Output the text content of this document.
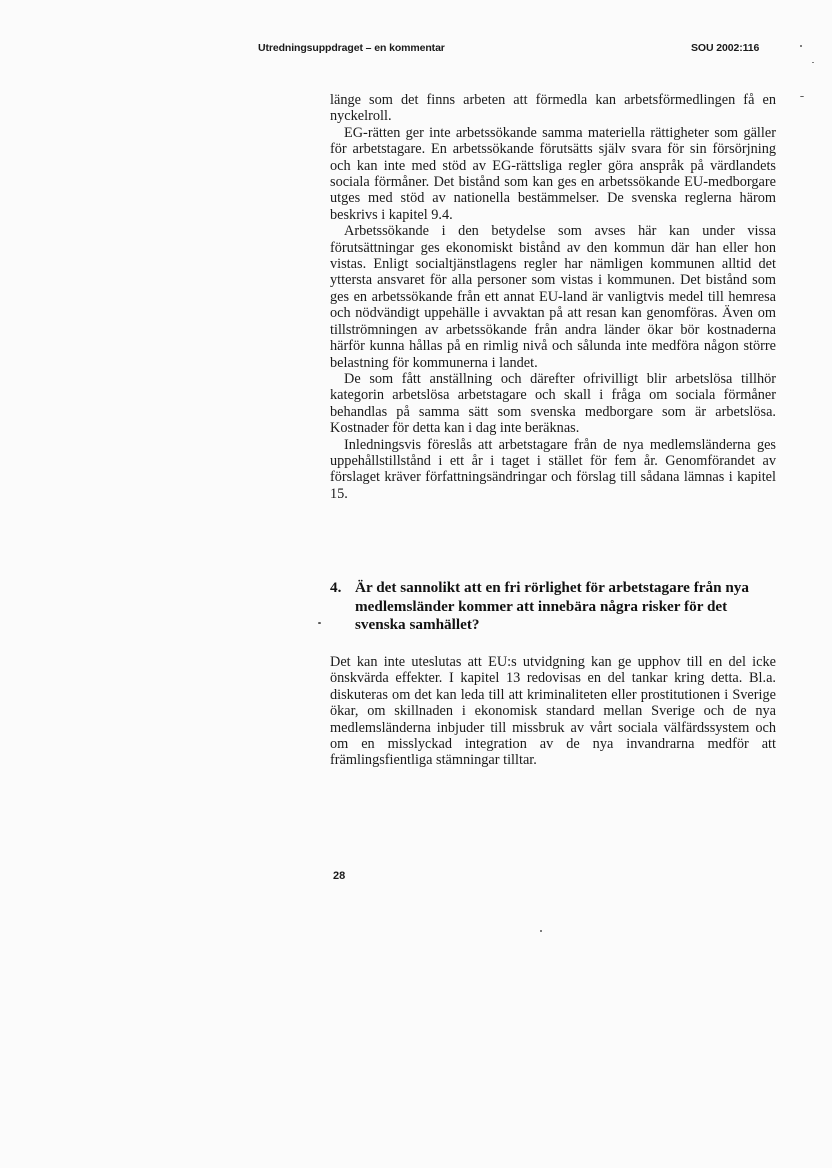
Utredningsuppdraget – en kommentar	SOU 2002:116

länge som det finns arbeten att förmedla kan arbetsförmedlingen få en nyckelroll.

EG-rätten ger inte arbetssökande samma materiella rättigheter som gäller för arbetstagare. En arbetssökande förutsätts själv svara för sin försörjning och kan inte med stöd av EG-rättsliga regler göra anspråk på värdlandets sociala förmåner. Det bistånd som kan ges en arbetssökande EU-medborgare utges med stöd av nationella bestämmelser. De svenska reglerna härom beskrivs i kapitel 9.4.

Arbetssökande i den betydelse som avses här kan under vissa förutsättningar ges ekonomiskt bistånd av den kommun där han eller hon vistas. Enligt socialtjänstlagens regler har nämligen kommunen alltid det yttersta ansvaret för alla personer som vistas i kommunen. Det bistånd som ges en arbetssökande från ett annat EU-land är vanligtvis medel till hemresa och nödvändigt uppehälle i avvaktan på att resan kan genomföras. Även om tillströmningen av arbetssökande från andra länder ökar bör kostnaderna härför kunna hållas på en rimlig nivå och sålunda inte medföra någon större belastning för kommunerna i landet.

De som fått anställning och därefter ofrivilligt blir arbetslösa tillhör kategorin arbetslösa arbetstagare och skall i fråga om sociala förmåner behandlas på samma sätt som svenska medborgare som är arbetslösa. Kostnader för detta kan i dag inte beräknas.

Inledningsvis föreslås att arbetstagare från de nya medlemsländerna ges uppehållstillstånd i ett år i taget i stället för fem år. Genomförandet av förslaget kräver författningsändringar och förslag till sådana lämnas i kapitel 15.

4. Är det sannolikt att en fri rörlighet för arbetstagare från nya medlemsländer kommer att innebära några risker för det svenska samhället?

Det kan inte uteslutas att EU:s utvidgning kan ge upphov till en del icke önskvärda effekter. I kapitel 13 redovisas en del tankar kring detta. Bl.a. diskuteras om det kan leda till att kriminaliteten eller prostitutionen i Sverige ökar, om skillnaden i ekonomisk standard mellan Sverige och de nya medlemsländerna inbjuder till missbruk av vårt sociala välfärdssystem och om en misslyckad integration av de nya invandrarna medför att främlingsfientliga stämningar tilltar.

28
